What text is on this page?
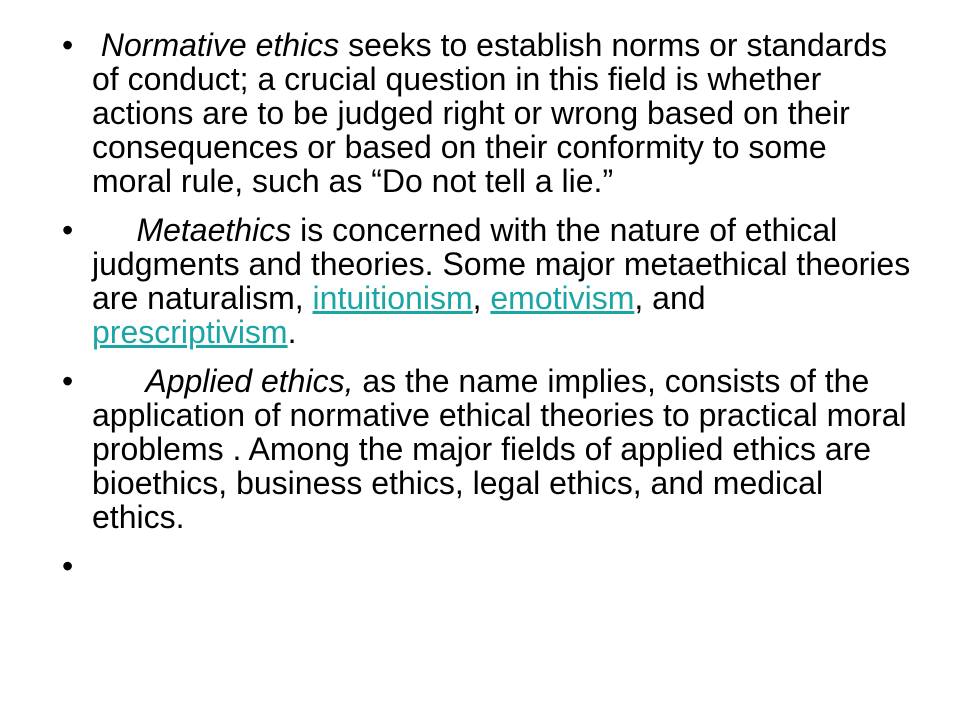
• Normative ethics seeks to establish norms or standards of conduct; a crucial question in this field is whether actions are to be judged right or wrong based on their consequences or based on their conformity to some moral rule, such as “Do not tell a lie.”
• Metaethics is concerned with the nature of ethical judgments and theories. Some major metaethical theories are naturalism, intuitionism, emotivism, and prescriptivism.
• Applied ethics, as the name implies, consists of the application of normative ethical theories to practical moral problems . Among the major fields of applied ethics are bioethics, business ethics, legal ethics, and medical ethics.
•
